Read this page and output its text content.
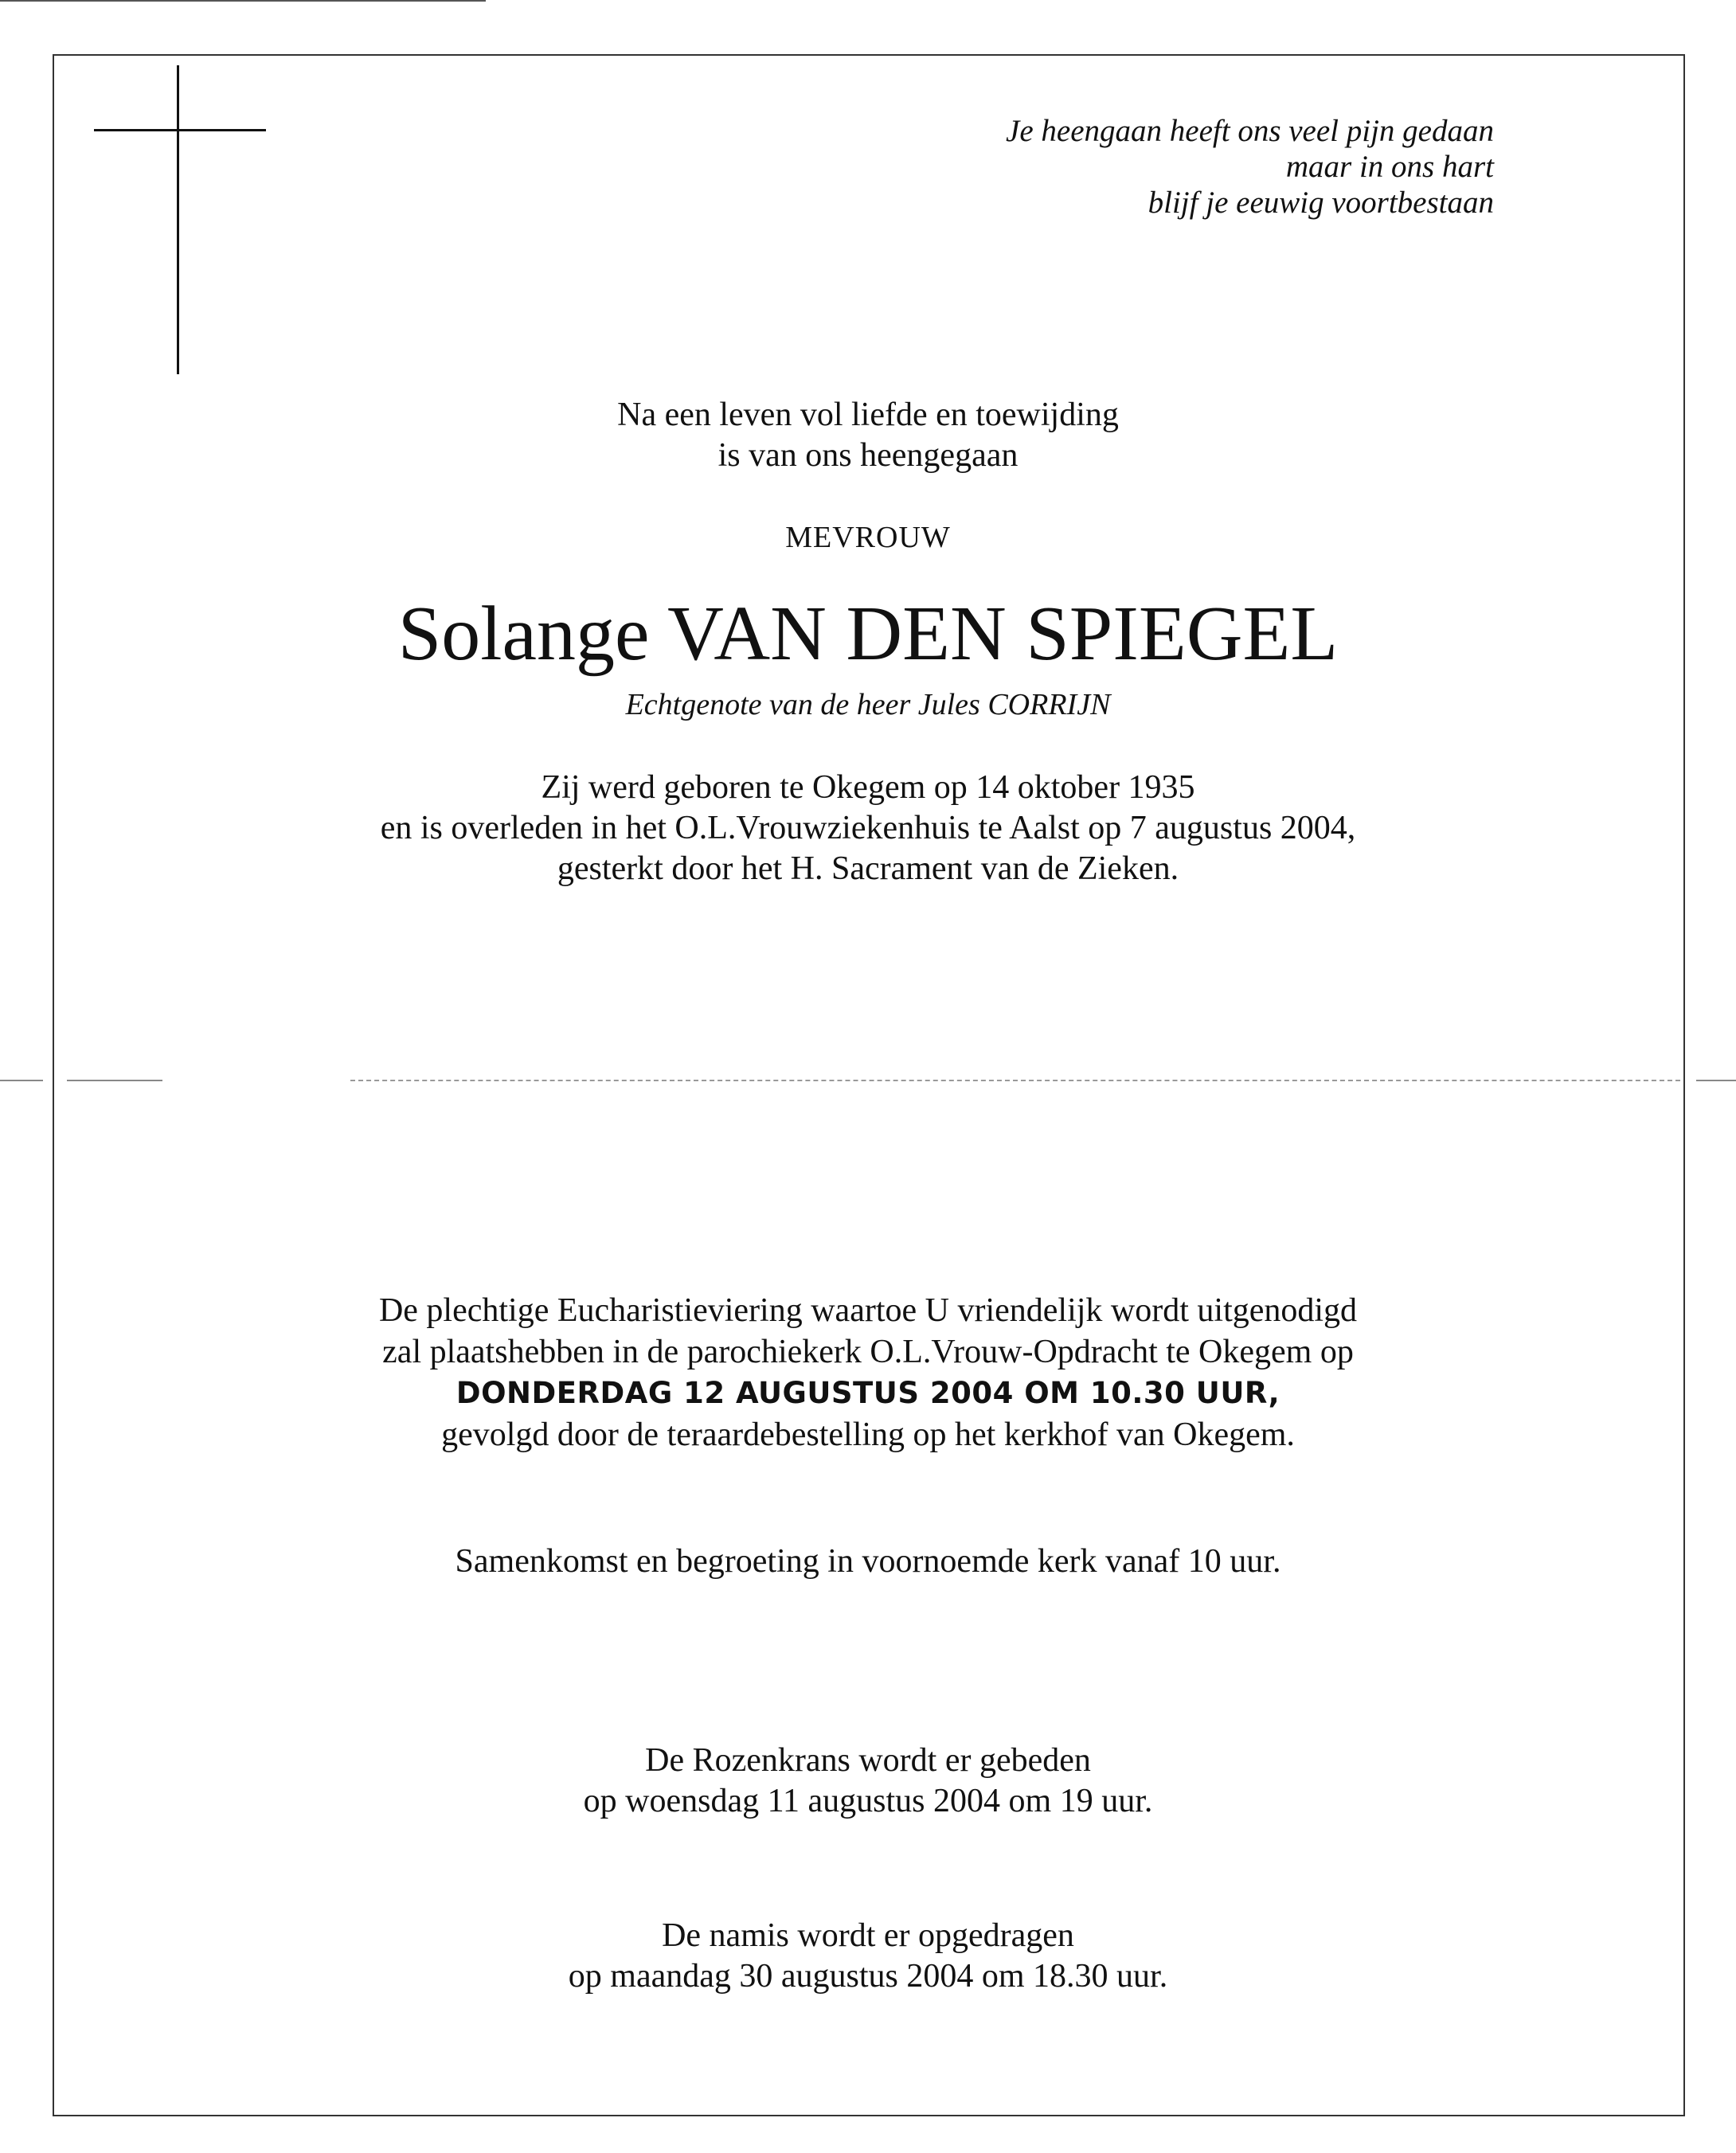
Je heengaan heeft ons veel pijn gedaan
maar in ons hart
blijf je eeuwig voortbestaan
Na een leven vol liefde en toewijding
is van ons heengegaan
MEVROUW
Solange VAN DEN SPIEGEL
Echtgenote van de heer Jules CORRIJN
Zij werd geboren te Okegem op 14 oktober 1935
en is overleden in het O.L.Vrouwziekenhuis te Aalst op 7 augustus 2004,
gesterkt door het H. Sacrament van de Zieken.
De plechtige Eucharistieviering waartoe U vriendelijk wordt uitgenodigd
zal plaatshebben in de parochiekerk O.L.Vrouw-Opdracht te Okegem op
DONDERDAG 12 AUGUSTUS 2004 OM 10.30 UUR,
gevolgd door de teraardebestelling op het kerkhof van Okegem.
Samenkomst en begroeting in voornoemde kerk vanaf 10 uur.
De Rozenkrans wordt er gebeden
op woensdag 11 augustus 2004 om 19 uur.
De namis wordt er opgedragen
op maandag 30 augustus 2004 om 18.30 uur.
